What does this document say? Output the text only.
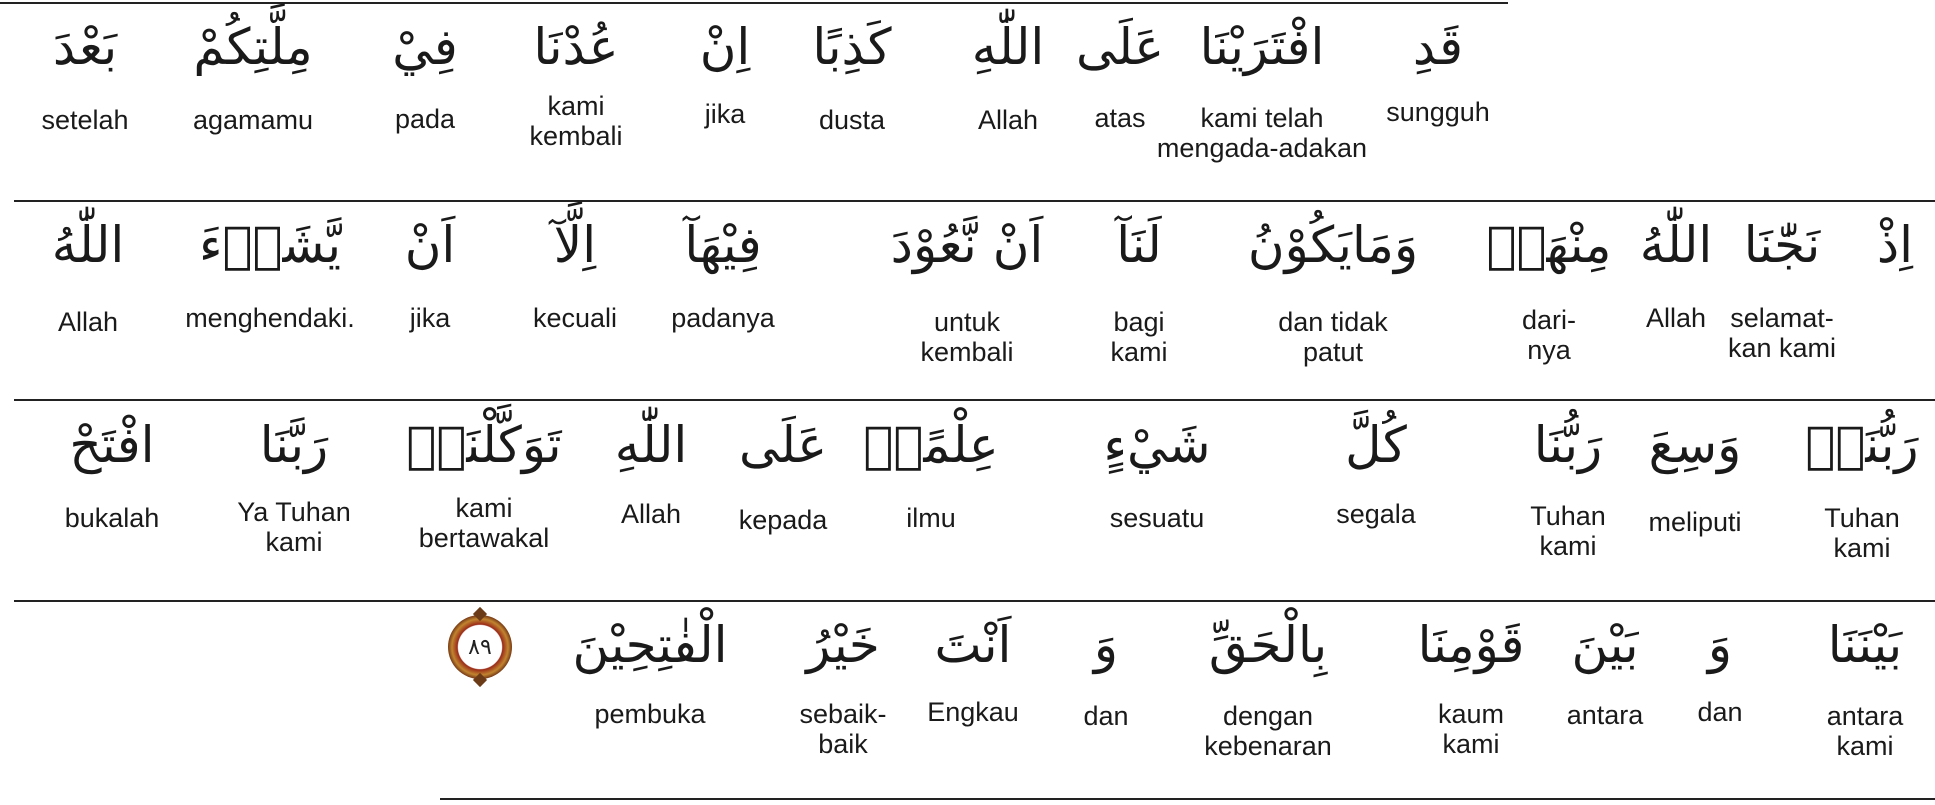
٨٩
قَدِ
sungguh
افْتَرَيْنَا
kami telah
mengada-adakan
عَلَى
atas
اللّٰهِ
Allah
كَذِبًا
dusta
اِنْ
jika
عُدْنَا
kami
kembali
فِيْ
pada
مِلَّتِكُمْ
agamamu
بَعْدَ
setelah
اِذْ
نَجّٰنَا
selamat-
kan kami
اللّٰهُ
Allah
مِنْهَاۗ
dari-
nya
وَمَايَكُوْنُ
dan tidak
patut
لَنَآ
bagi
kami
اَنْ نَّعُوْدَ
untuk
kembali
فِيْهَآ
padanya
اِلَّآ
kecuali
اَنْ
jika
يَّشَاۤءَ
menghendaki.
اللّٰهُ
Allah
رَبُّنَاۗ
Tuhan
kami
وَسِعَ
meliputi
رَبُّنَا
Tuhan
kami
كُلَّ
segala
شَيْءٍ
sesuatu
عِلْمًاۗ
ilmu
عَلَى
kepada
اللّٰهِ
Allah
تَوَكَّلْنَاۗ
kami
bertawakal
رَبَّنَا
Ya Tuhan
kami
افْتَحْ
bukalah
بَيْنَنَا
antara
kami
وَ
dan
بَيْنَ
antara
قَوْمِنَا
kaum
kami
بِالْحَقِّ
dengan
kebenaran
وَ
dan
اَنْتَ
Engkau
خَيْرُ
sebaik-
baik
الْفٰتِحِيْنَ
pembuka
